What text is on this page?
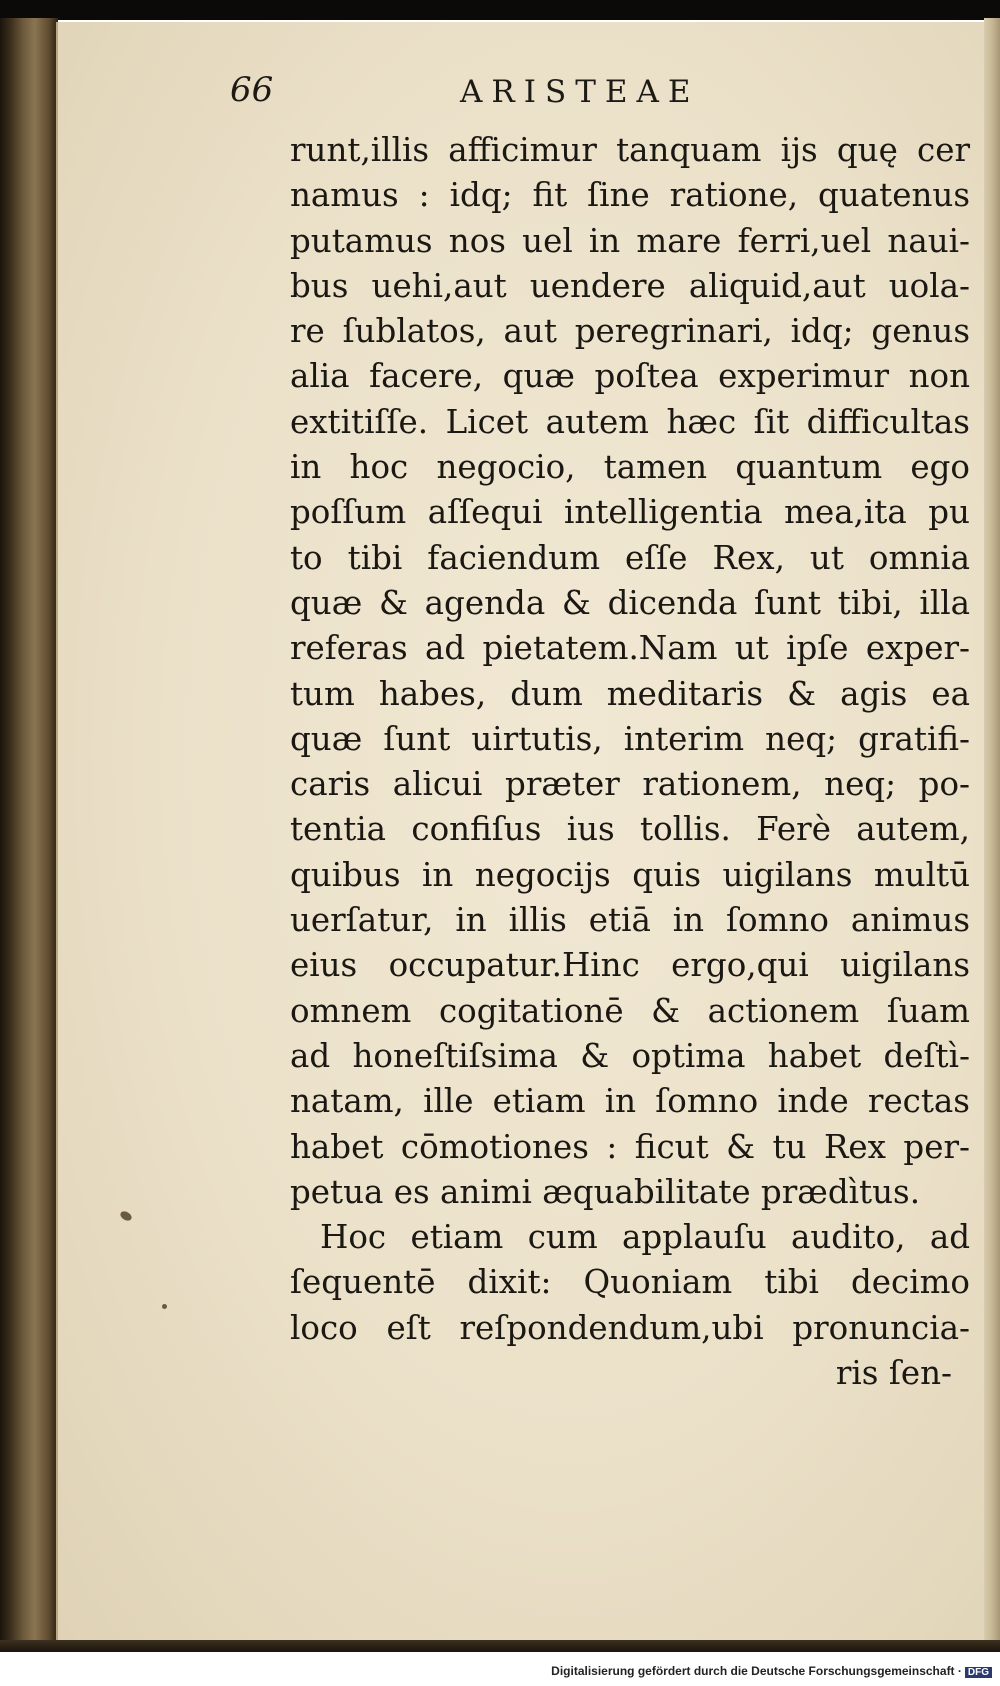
66	ARISTEAE
runt,illis afficimur tanquam ijs quę cer
namus : idq; fit ſine ratione, quatenus
putamus nos uel in mare ferri,uel naui-
bus uehi,aut uendere aliquid,aut uola-
re ſublatos, aut peregrinari, idq; genus
alia facere, quæ poſtea experimur non
extitiſſe. Licet autem hæc ſit difficultas
in hoc negocio, tamen quantum ego
poſſum aſſequi intelligentia mea,ita pu
to tibi faciendum eſſe Rex, ut omnia
quæ & agenda & dicenda ſunt tibi, illa
referas ad pietatem.Nam ut ipſe exper-
tum habes, dum meditaris & agis ea
quæ ſunt uirtutis, interim neq; gratifi-
caris alicui præter rationem, neq; po-
tentia confiſus ius tollis. Ferè autem,
quibus in negocijs quis uigilans multū
uerſatur, in illis etiā in ſomno animus
eius occupatur.Hinc ergo,qui uigilans
omnem cogitationē & actionem ſuam
ad honeſtiſsima & optima habet deſtì-
natam, ille etiam in ſomno inde rectas
habet cōmotiones : ficut & tu Rex per-
petua es animi æquabilitate prædìtus.
Hoc etiam cum applauſu audito, ad
ſequentē dixit: Quoniam tibi decimo
loco eſt reſpondendum,ubi pronuncia-
ris ſen-
Digitalisierung gefördert durch die Deutsche Forschungsgemeinschaft · DFG
